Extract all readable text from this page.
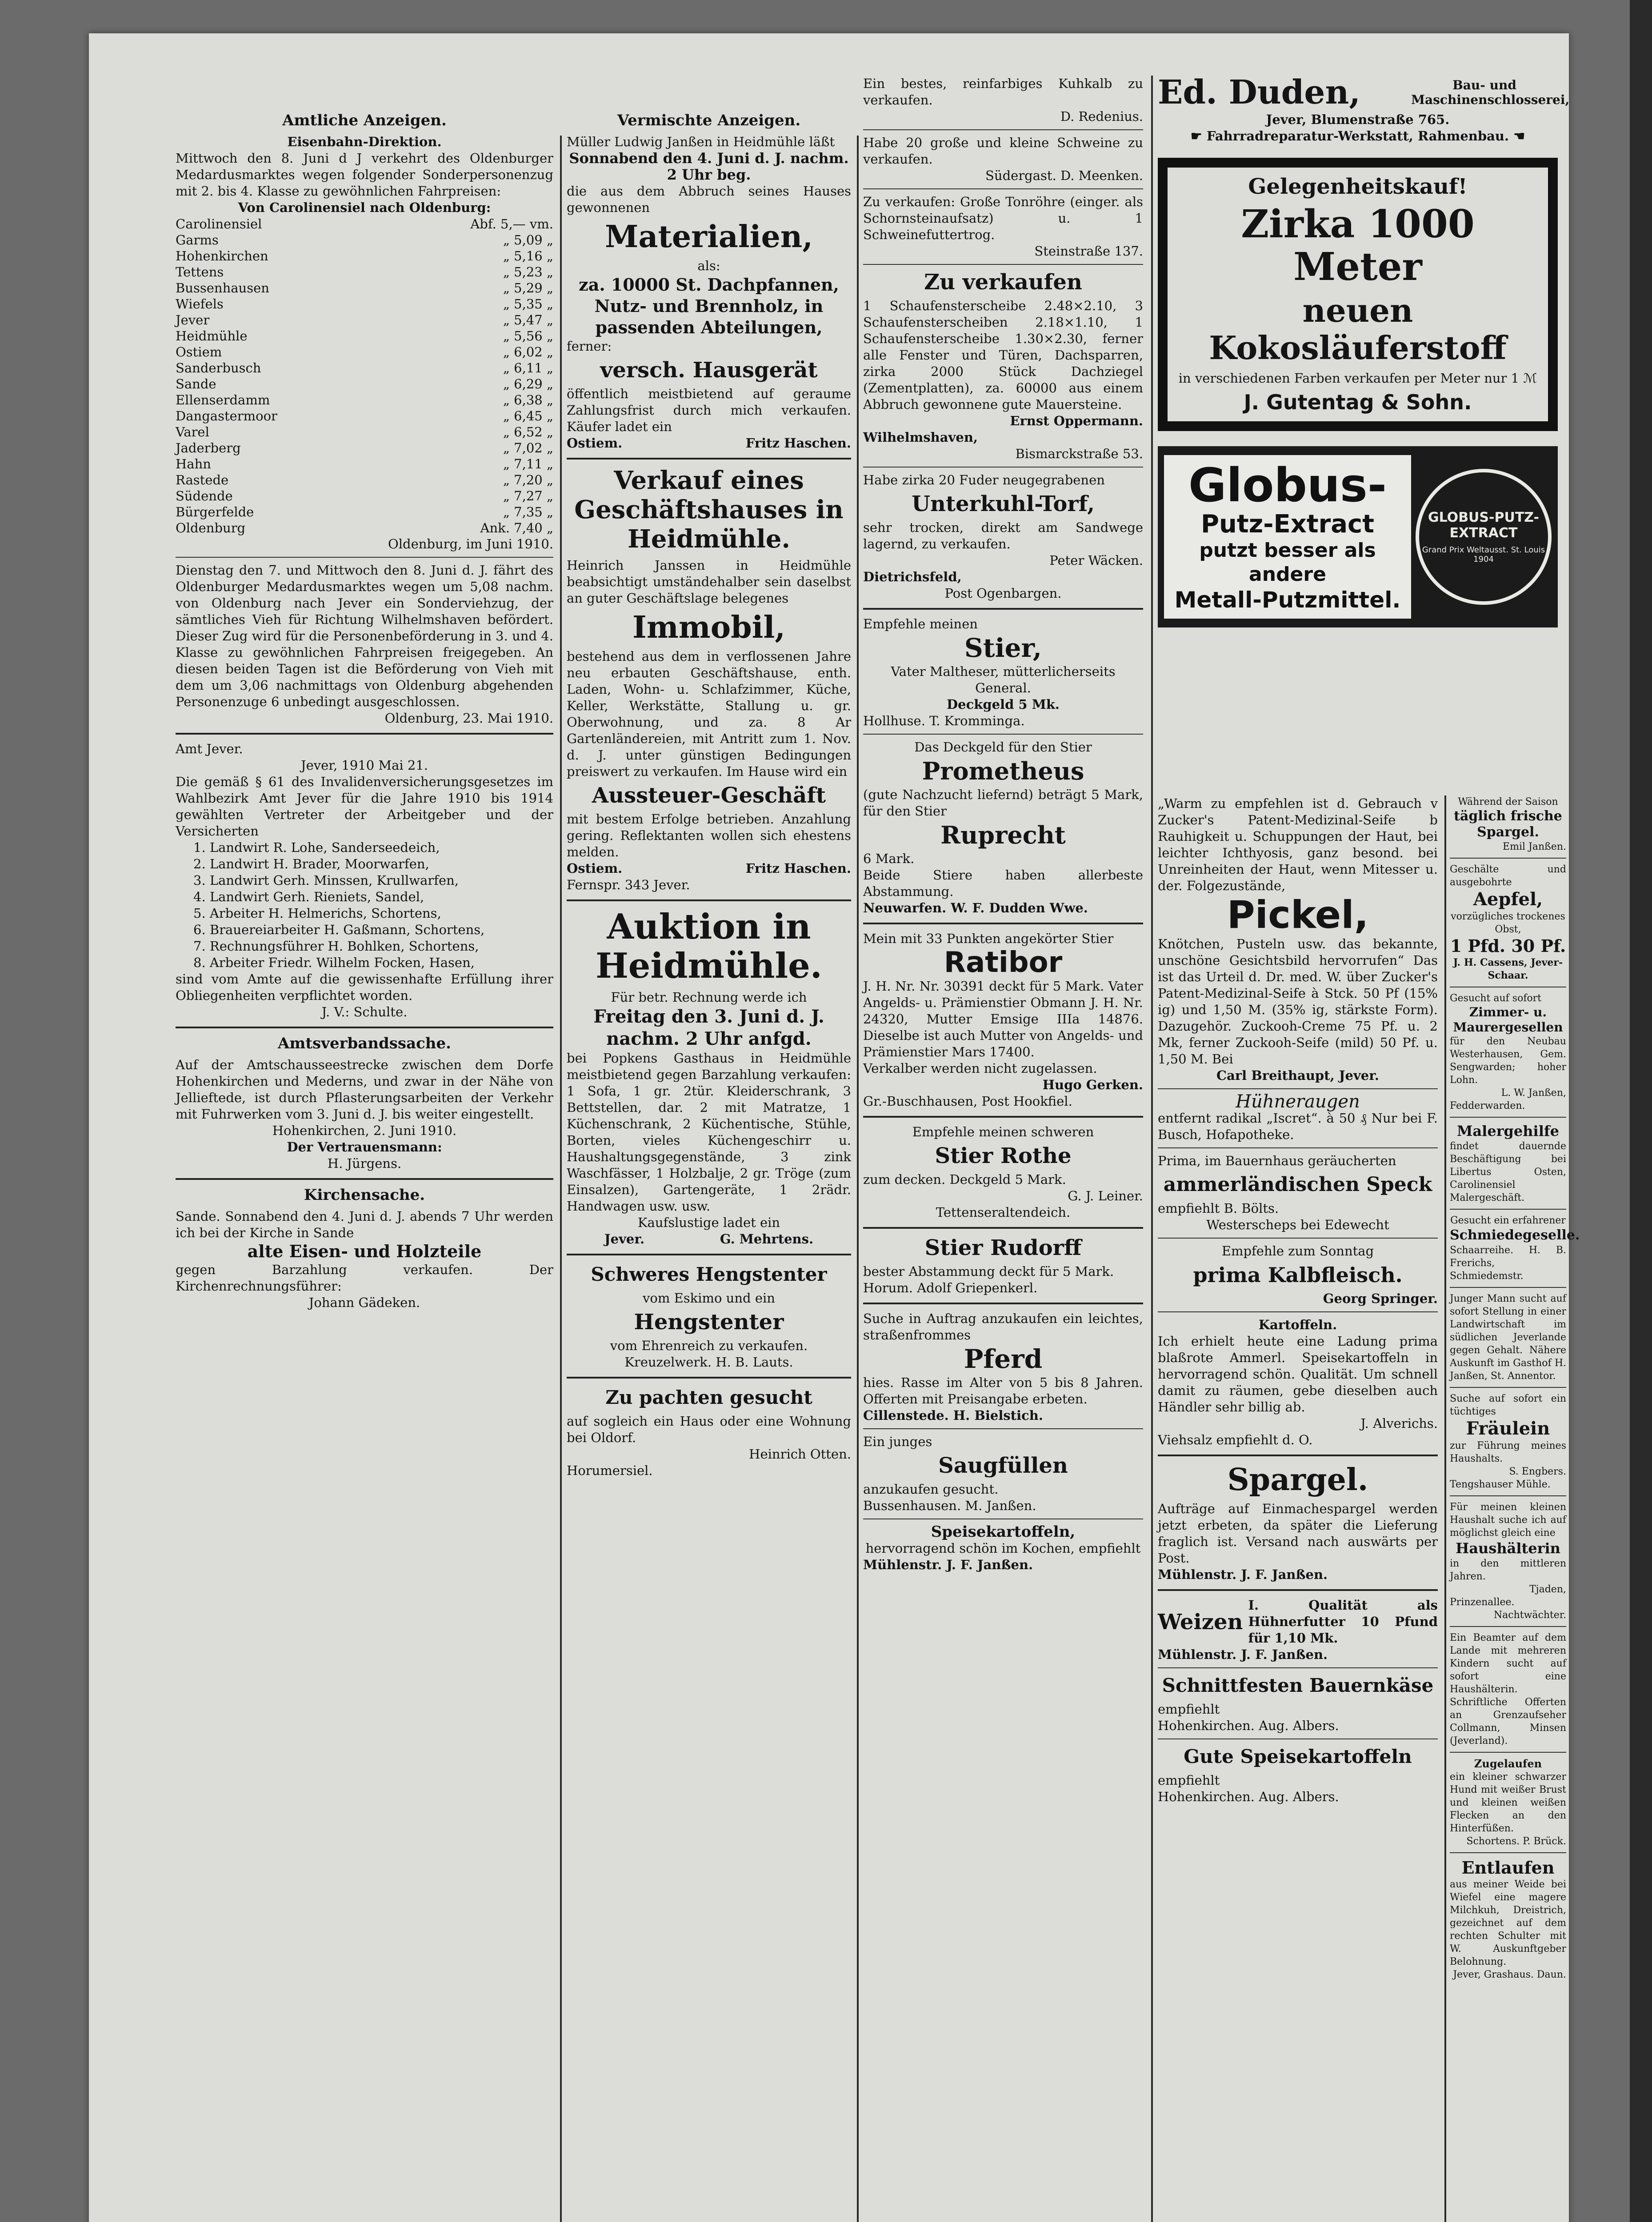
Amtliche Anzeigen.
Eisenbahn-Direktion.

Mittwoch den 8. Juni d J verkehrt des Oldenburger Medardusmarktes wegen folgender Sonderpersonenzug mit 2. bis 4. Klasse zu gewöhnlichen Fahrpreisen:

Von Carolinensiel nach Oldenburg:

Carolinensiel	Abf. 5,— vm.
Garms	„ 5,09 „
Hohenkirchen	„ 5,16 „
Tettens	„ 5,23 „
Bussenhausen	„ 5,29 „
Wiefels	„ 5,35 „
Jever	„ 5,47 „
Heidmühle	„ 5,56 „
Ostiem	„ 6,02 „
Sanderbusch	„ 6,11 „
Sande	„ 6,29 „
Ellenserdamm	„ 6,38 „
Dangastermoor	„ 6,45 „
Varel	„ 6,52 „
Jaderberg	„ 7,02 „
Hahn	„ 7,11 „
Rastede	„ 7,20 „
Südende	„ 7,27 „
Bürgerfelde	„ 7,35 „
Oldenburg	Ank. 7,40 „

Oldenburg, im Juni 1910.

Dienstag den 7. und Mittwoch den 8. Juni d. J. fährt des Oldenburger Medardusmarktes wegen um 5,08 nachm. von Oldenburg nach Jever ein Sonderviehzug, der sämtliches Vieh für Richtung Wilhelmshaven befördert. Dieser Zug wird für die Personenbeförderung in 3. und 4. Klasse zu gewöhnlichen Fahrpreisen freigegeben. An diesen beiden Tagen ist die Beförderung von Vieh mit dem um 3,06 nachmittags von Oldenburg abgehenden Personenzuge 6 unbedingt ausgeschlossen.

Oldenburg, 23. Mai 1910.

Amt Jever.

Jever, 1910 Mai 21.

Die gemäß § 61 des Invalidenversicherungsgesetzes im Wahlbezirk Amt Jever für die Jahre 1910 bis 1914 gewählten Vertreter der Arbeitgeber und der Versicherten

1. Landwirt R. Lohe, Sanderseedeich,

2. Landwirt H. Brader, Moorwarfen,

3. Landwirt Gerh. Minssen, Krullwarfen,

4. Landwirt Gerh. Rieniets, Sandel,

5. Arbeiter H. Helmerichs, Schortens,

6. Brauereiarbeiter H. Gaßmann, Schortens,

7. Rechnungsführer H. Bohlken, Schortens,

8. Arbeiter Friedr. Wilhelm Focken, Hasen,

sind vom Amte auf die gewissenhafte Erfüllung ihrer Obliegenheiten verpflichtet worden.

J. V.: Schulte.

Amtsverbandssache.

Auf der Amtschausseestrecke zwischen dem Dorfe Hohenkirchen und Mederns, und zwar in der Nähe von Jellieftede, ist durch Pflasterungsarbeiten der Verkehr mit Fuhrwerken vom 3. Juni d. J. bis weiter eingestellt.

Hohenkirchen, 2. Juni 1910.

Der Vertrauensmann:

H. Jürgens.

Kirchensache.

Sande. Sonnabend den 4. Juni d. J. abends 7 Uhr werden ich bei der Kirche in Sande

alte Eisen- und Holzteile

gegen Barzahlung verkaufen. Der Kirchenrechnungsführer:

Johann Gädeken.

Vermischte Anzeigen.

Müller Ludwig Janßen in Heidmühle läßt

Sonnabend den 4. Juni d. J. nachm. 2 Uhr beg.

die aus dem Abbruch seines Hauses gewonnenen

Materialien,

als:

za. 10000 St. Dachpfannen, Nutz- und Brennholz, in passenden Abteilungen,

ferner:

versch. Hausgerät

öffentlich meistbietend auf geraume Zahlungsfrist durch mich verkaufen. Käufer ladet ein

Ostiem.	Fritz Haschen.

Verkauf eines Geschäftshauses in Heidmühle.

Heinrich Janssen in Heidmühle beabsichtigt umständehalber sein daselbst an guter Geschäftslage belegenes

Immobil,

bestehend aus dem in verflossenen Jahre neu erbauten Geschäftshause, enth. Laden, Wohn- u. Schlafzimmer, Küche, Keller, Werkstätte, Stallung u. gr. Oberwohnung, und za. 8 Ar Gartenländereien, mit Antritt zum 1. Nov. d. J. unter günstigen Bedingungen preiswert zu verkaufen. Im Hause wird ein

Aussteuer-Geschäft

mit bestem Erfolge betrieben. Anzahlung gering. Reflektanten wollen sich ehestens melden.

Ostiem.	Fritz Haschen.

Fernspr. 343 Jever.

Auktion in Heidmühle.

Für betr. Rechnung werde ich

Freitag den 3. Juni d. J. nachm. 2 Uhr anfgd.

bei Popkens Gasthaus in Heidmühle meistbietend gegen Barzahlung verkaufen: 1 Sofa, 1 gr. 2tür. Kleiderschrank, 3 Bettstellen, dar. 2 mit Matratze, 1 Küchenschrank, 2 Küchentische, Stühle, Borten, vieles Küchengeschirr u. Haushaltungsgegenstände, 3 zink Waschfässer, 1 Holzbalje, 2 gr. Tröge (zum Einsalzen), Gartengeräte, 1 2rädr. Handwagen usw. usw.

Kaufslustige ladet ein

Jever.	G. Mehrtens.

Schweres Hengstenter

vom Eskimo und ein

Hengstenter

vom Ehrenreich zu verkaufen.

Kreuzelwerk. H. B. Lauts.

Zu pachten gesucht

auf sogleich ein Haus oder eine Wohnung bei Oldorf.

Heinrich Otten.

Horumersiel.

Ein bestes, reinfarbiges Kuhkalb zu verkaufen.

D. Redenius.

Habe 20 große und kleine Schweine zu verkaufen.

Südergast. D. Meenken.

Zu verkaufen: Große Tonröhre (einger. als Schornsteinaufsatz) u. 1 Schweinefuttertrog.

Steinstraße 137.

Zu verkaufen

1 Schaufensterscheibe 2.48×2.10, 3 Schaufensterscheiben 2.18×1.10, 1 Schaufensterscheibe 1.30×2.30, ferner alle Fenster und Türen, Dachsparren, zirka 2000 Stück Dachziegel (Zementplatten), za. 60000 aus einem Abbruch gewonnene gute Mauersteine.

Ernst Oppermann.

Wilhelmshaven,

Bismarckstraße 53.

Habe zirka 20 Fuder neugegrabenen

Unterkuhl-Torf,

sehr trocken, direkt am Sandwege lagernd, zu verkaufen.

Peter Wäcken.

Dietrichsfeld,

Post Ogenbargen.

Empfehle meinen

Stier,

Vater Maltheser, mütterlicherseits General.

Deckgeld 5 Mk.

Hollhuse. T. Kromminga.

Das Deckgeld für den Stier

Prometheus

(gute Nachzucht liefernd) beträgt 5 Mark, für den Stier

Ruprecht

6 Mark.

Beide Stiere haben allerbeste Abstammung.

Neuwarfen. W. F. Dudden Wwe.

Mein mit 33 Punkten angekörter Stier

Ratibor

J. H. Nr. Nr. 30391 deckt für 5 Mark. Vater Angelds- u. Prämienstier Obmann J. H. Nr. 24320, Mutter Emsige IIIa 14876. Dieselbe ist auch Mutter von Angelds- und Prämienstier Mars 17400.

Verkalber werden nicht zugelassen.

Hugo Gerken.

Gr.-Buschhausen, Post Hookfiel.

Empfehle meinen schweren

Stier Rothe

zum decken. Deckgeld 5 Mark.

G. J. Leiner.

Tettenseraltendeich.

Stier Rudorff

bester Abstammung deckt für 5 Mark.

Horum. Adolf Griepenkerl.

Suche in Auftrag anzukaufen ein leichtes, straßenfrommes

Pferd

hies. Rasse im Alter von 5 bis 8 Jahren. Offerten mit Preisangabe erbeten.

Cillenstede. H. Bielstich.

Ein junges

Saugfüllen

anzukaufen gesucht.

Bussenhausen. M. Janßen.

Speisekartoffeln,

hervorragend schön im Kochen, empfiehlt

Mühlenstr. J. F. Janßen.

Ed. Duden,	Bau- und Maschinenschlosserei,

Jever, Blumenstraße 765.

☛ Fahrradreparatur-Werkstatt, Rahmenbau. ☚

Gelegenheitskauf!
Zirka 1000 Meter
neuen Kokosläuferstoff

in verschiedenen Farben verkaufen per Meter nur 1 ℳ

J. Gutentag & Sohn.
Globus-
Putz-Extract
putzt besser als andere
Metall-Putzmittel.
GLOBUS-PUTZ-EXTRACT
Grand Prix Weltausst. St. Louis 1904

„Warm zu empfehlen ist d. Gebrauch v Zucker's Patent-Medizinal-Seife b Rauhigkeit u. Schuppungen der Haut, bei leichter Ichthyosis, ganz besond. bei Unreinheiten der Haut, wenn Mitesser u. der. Folgezustände,

Pickel,

Knötchen, Pusteln usw. das bekannte, unschöne Gesichtsbild hervorrufen“ Das ist das Urteil d. Dr. med. W. über Zucker's Patent-Medizinal-Seife à Stck. 50 Pf (15% ig) und 1,50 M. (35% ig, stärkste Form). Dazugehör. Zuckooh-Creme 75 Pf. u. 2 Mk, ferner Zuckooh-Seife (mild) 50 Pf. u. 1,50 M. Bei

Carl Breithaupt, Jever.

Hühneraugen

entfernt radikal „Iscret“. à 50 ₰ Nur bei F. Busch, Hofapotheke.

Prima, im Bauernhaus geräucherten

ammerländischen Speck

empfiehlt B. Bölts.

Westerscheps bei Edewecht

Empfehle zum Sonntag

prima Kalbfleisch.

Georg Springer.

Kartoffeln.

Ich erhielt heute eine Ladung prima blaßrote Ammerl. Speisekartoffeln in hervorragend schön. Qualität. Um schnell damit zu räumen, gebe dieselben auch Händler sehr billig ab.

J. Alverichs.

Viehsalz empfiehlt d. O.

Spargel.

Aufträge auf Einmachespargel werden jetzt erbeten, da später die Lieferung fraglich ist. Versand nach auswärts per Post.

Mühlenstr. J. F. Janßen.

Weizen
I. Qualität als Hühnerfutter 10 Pfund für 1,10 Mk.

Mühlenstr. J. F. Janßen.

Schnittfesten Bauernkäse

empfiehlt

Hohenkirchen. Aug. Albers.

Gute Speisekartoffeln

empfiehlt

Hohenkirchen. Aug. Albers.

Während der Saison

täglich frische Spargel.

Emil Janßen.

Geschälte und ausgebohrte

Aepfel,

vorzügliches trockenes Obst,

1 Pfd. 30 Pf.

J. H. Cassens, Jever-Schaar.

Gesucht auf sofort

Zimmer- u. Maurergesellen

für den Neubau Westerhausen, Gem. Sengwarden; hoher Lohn.

L. W. Janßen,

Fedderwarden.

Malergehilfe

findet dauernde Beschäftigung bei Libertus Osten, Carolinensiel Malergeschäft.

Gesucht ein erfahrener

Schmiedegeselle.

Schaarreihe. H. B. Frerichs, Schmiedemstr.

Junger Mann sucht auf sofort Stellung in einer Landwirtschaft im südlichen Jeverlande gegen Gehalt. Nähere Auskunft im Gasthof H. Janßen, St. Annentor.

Suche auf sofort ein tüchtiges

Fräulein

zur Führung meines Haushalts.

S. Engbers.

Tengshauser Mühle.

Für meinen kleinen Haushalt suche ich auf möglichst gleich eine

Haushälterin

in den mittleren Jahren.

Tjaden,

Prinzenallee.

Nachtwächter.

Ein Beamter auf dem Lande mit mehreren Kindern sucht auf sofort eine Haushälterin. Schriftliche Offerten an Grenzaufseher Collmann, Minsen (Jeverland).

Zugelaufen

ein kleiner schwarzer Hund mit weißer Brust und kleinen weißen Flecken an den Hinterfüßen.

Schortens. P. Brück.

Entlaufen

aus meiner Weide bei Wiefel eine magere Milchkuh, Dreistrich, gezeichnet auf dem rechten Schulter mit W. Auskunftgeber Belohnung.

Jever, Grashaus. Daun.
